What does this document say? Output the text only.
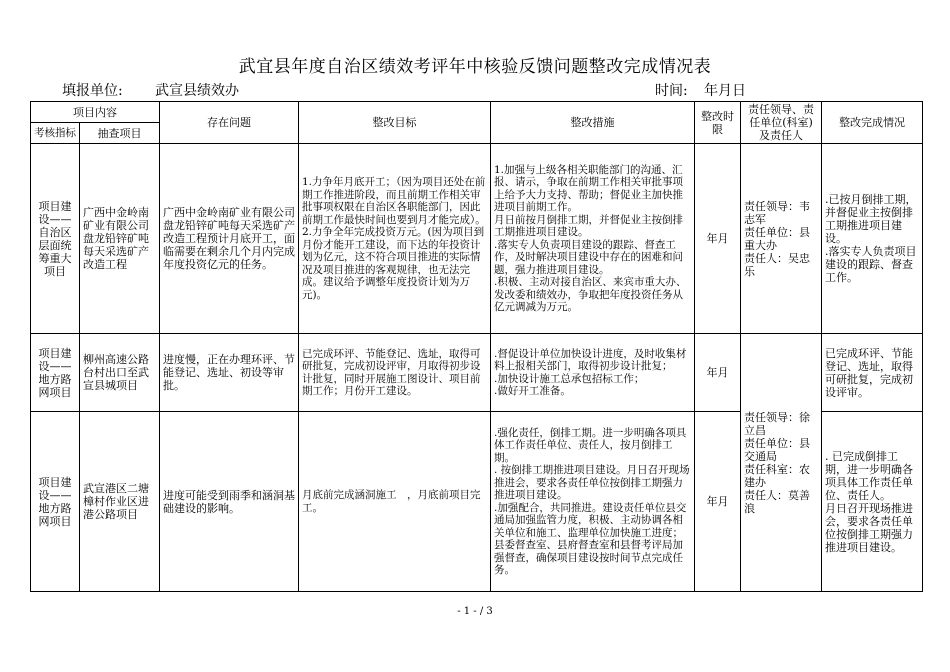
武宜县年度自治区绩效考评年中核验反馈问题整改完成情况表
填报单位: 武宣县绩效办	时间: 年月日
项目内容		存在问题	整改目标	整改措施	整改时限	责任领导、责任单位(科室)及责任人	整改完成情况
考核指标	抽查项目						
项目建设——自治区层面统筹重大项目	广西中金岭南矿业有限公司盘龙铅锌矿吨每天采选矿产改造工程	广西中金岭南矿业有限公司盘龙铅锌矿吨每天采选矿产改造工程预计月底开工，面临需要在剩余几个月内完成年度投资亿元的任务。	1.力争年月底开工；（因为项目还处在前期工作推进阶段，而且前期工作相关审批事项权限在自治区各职能部门，因此前期工作最快时间也要到月才能完成）。
2.力争全年完成投资万元。(因为项目到月份才能开工建设，而下达的年投资计划为亿元，这不符合项目推进的实际情况及项目推进的客观规律，也无法完成。建议给予调整年度投资计划为万元)。	1.加强与上级各相关职能部门的沟通、汇报、请示，争取在前期工作相关审批事项上给予大力支持、帮助；督促业主加快推进项目前期工作。
月日前按月倒排工期，并督促业主按倒排工期推进项目建设。
.落实专人负责项目建设的跟踪、督查工作，及时解决项目建设中存在的困难和问题，强力推进项目建设。
.积极、主动对接自治区、来宾市重大办、发改委和绩效办，争取把年度投资任务从亿元调减为万元。	年月	责任领导：韦志军
责任单位：县重大办
责任人：吴忠乐	.已按月倒排工期，并督促业主按倒排工期推进项目建设。
.落实专人负责项目建设的跟踪、督查工作。
项目建设——地方路网项目	柳州高速公路台村出口至武宣县城项目	进度慢，正在办理环评、节能登记、选址、初设等审批。	已完成环评、节能登记、选址，取得可研批复，完成初设评审，月取得初步设计批复，同时开展施工图设计、项目前期工作；月份开工建设。	.督促设计单位加快设计进度，及时收集材料上报相关部门，取得初步设计批复；
.加快设计施工总承包招标工作；
.做好开工准备。	年月	责任领导：徐立昌
责任单位：县交通局
责任科室：农建办
责任人：莫善浪	已完成环评、节能登记、选址，取得可研批复，完成初设评审。
项目建设——地方路网项目	武宣港区二塘樟村作业区进港公路项目	进度可能受到雨季和涵洞基础建设的影响。	月底前完成涵洞施工　，月底前项目完工。	.强化责任，倒排工期。进一步明确各项具体工作责任单位、责任人，按月倒排工期。
. 按倒排工期推进项目建设。月日召开现场推进会，要求各责任单位按倒排工期强力推进项目建设。
.加强配合，共同推进。建设责任单位县交通局加强监管力度，积极、主动协调各相关单位和施工、监理单位加快施工进度；县委督查室、县府督查室和县督考评局加强督查，确保项目建设按时间节点完成任务。	年月		. 已完成倒排工期，进一步明确各项具体工作责任单位、责任人。
月日召开现场推进会，要求各责任单位按倒排工期强力推进项目建设。
- 1 - / 3
